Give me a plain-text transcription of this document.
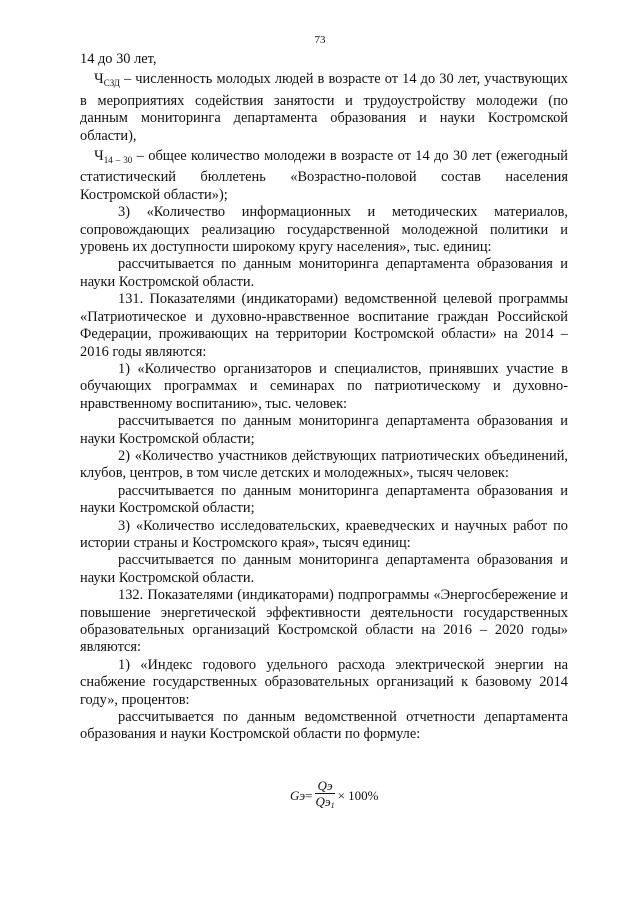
73

14 до 30 лет,

$Ч_{СЗД}$ – численность молодых людей в возрасте от 14 до 30 лет, участвующих в мероприятиях содействия занятости и трудоустройству молодежи (по данным мониторинга департамента образования и науки Костромской области),

$Ч_{14 - 30}$ – общее количество молодежи в возрасте от 14 до 30 лет (ежегодный статистический бюллетень «Возрастно-половой состав населения Костромской области»);

3) «Количество информационных и методических материалов, сопровождающих реализацию государственной молодежной политики и уровень их доступности широкому кругу населения», тыс. единиц:

рассчитывается по данным мониторинга департамента образования и науки Костромской области.

131. Показателями (индикаторами) ведомственной целевой программы «Патриотическое и духовно-нравственное воспитание граждан Российской Федерации, проживающих на территории Костромской области» на 2014 – 2016 годы являются:

1) «Количество организаторов и специалистов, принявших участие в обучающих программах и семинарах по патриотическому и духовно-нравственному воспитанию», тыс. человек:

рассчитывается по данным мониторинга департамента образования и науки Костромской области;

2) «Количество участников действующих патриотических объединений, клубов, центров, в том числе детских и молодежных», тысяч человек:

рассчитывается по данным мониторинга департамента образования и науки Костромской области;

3) «Количество исследовательских, краеведческих и научных работ по истории страны и Костромского края», тысяч единиц:

рассчитывается по данным мониторинга департамента образования и науки Костромской области.

132. Показателями (индикаторами) подпрограммы «Энергосбережение и повышение энергетической эффективности деятельности государственных образовательных организаций Костромской области на 2016 – 2020 годы» являются:

1) «Индекс годового удельного расхода электрической энергии на снабжение государственных образовательных организаций к базовому 2014 году», процентов:

рассчитывается по данным ведомственной отчетности департамента образования и науки Костромской области по формуле:

Gэ = $\frac{Qэ}{Qэ1} \times 100\%$
